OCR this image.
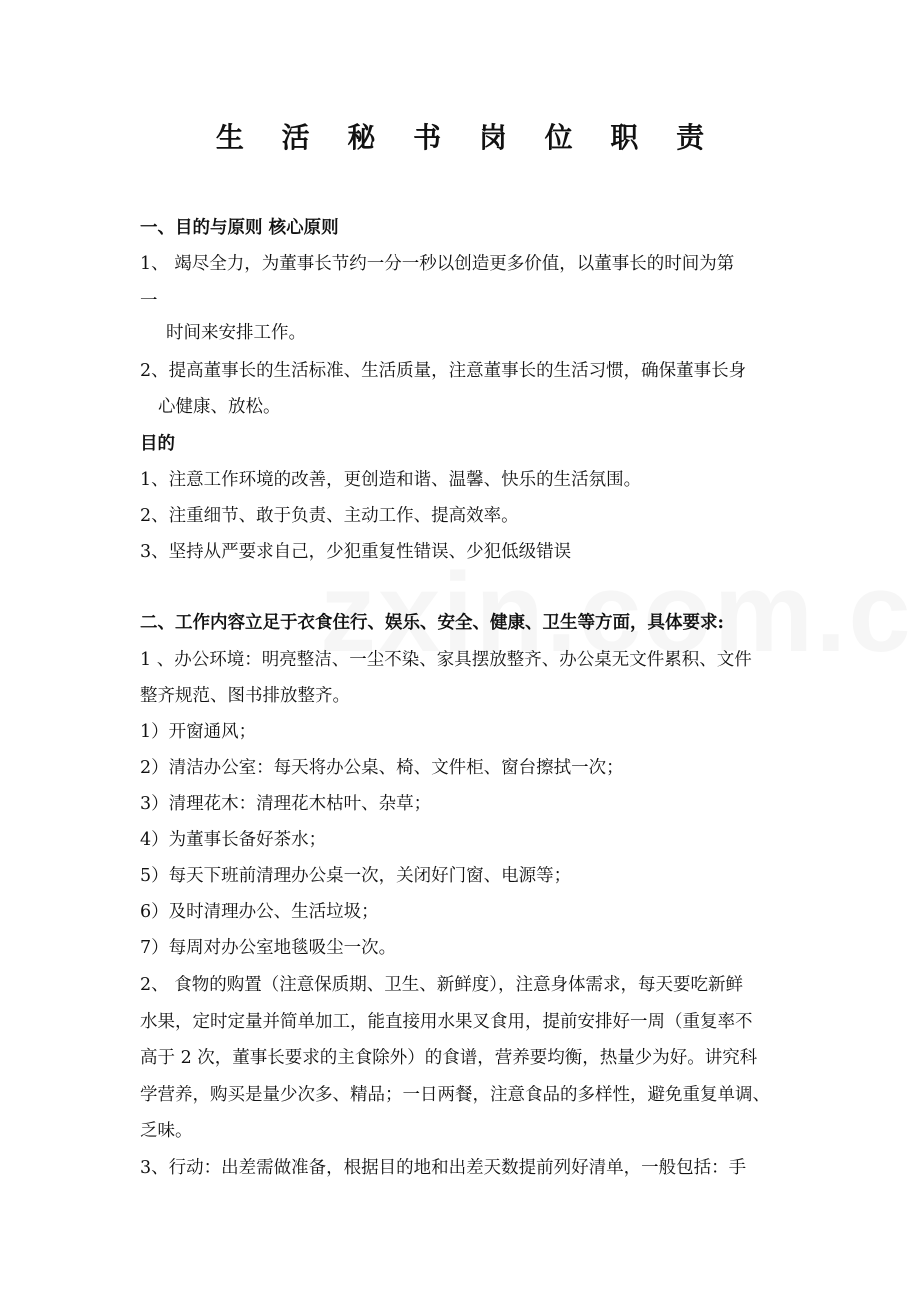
生 活 秘 书 岗 位 职 责
一、目的与原则 核心原则
1、 竭尽全力，为董事长节约一分一秒以创造更多价值，以董事长的时间为第
一
时间来安排工作。
2、提高董事长的生活标准、生活质量，注意董事长的生活习惯，确保董事长身
心健康、放松。
目的
1、注意工作环境的改善，更创造和谐、温馨、快乐的生活氛围。
2、注重细节、敢于负责、主动工作、提高效率。
3、坚持从严要求自己，少犯重复性错误、少犯低级错误
二、工作内容立足于衣食住行、娱乐、安全、健康、卫生等方面，具体要求:
1 、办公环境：明亮整洁、一尘不染、家具摆放整齐、办公桌无文件累积、文件
整齐规范、图书排放整齐。
1）开窗通风；
2）清洁办公室：每天将办公桌、椅、文件柜、窗台擦拭一次；
3）清理花木：清理花木枯叶、杂草；
4）为董事长备好茶水；
5）每天下班前清理办公桌一次，关闭好门窗、电源等；
6）及时清理办公、生活垃圾；
7）每周对办公室地毯吸尘一次。
2、 食物的购置（注意保质期、卫生、新鲜度），注意身体需求，每天要吃新鲜
水果，定时定量并简单加工，能直接用水果叉食用，提前安排好一周（重复率不
高于 2 次，董事长要求的主食除外）的食谱，营养要均衡，热量少为好。讲究科
学营养，购买是量少次多、精品；一日两餐，注意食品的多样性，避免重复单调、
乏味。
3、行动：出差需做准备，根据目的地和出差天数提前列好清单，一般包括：手
